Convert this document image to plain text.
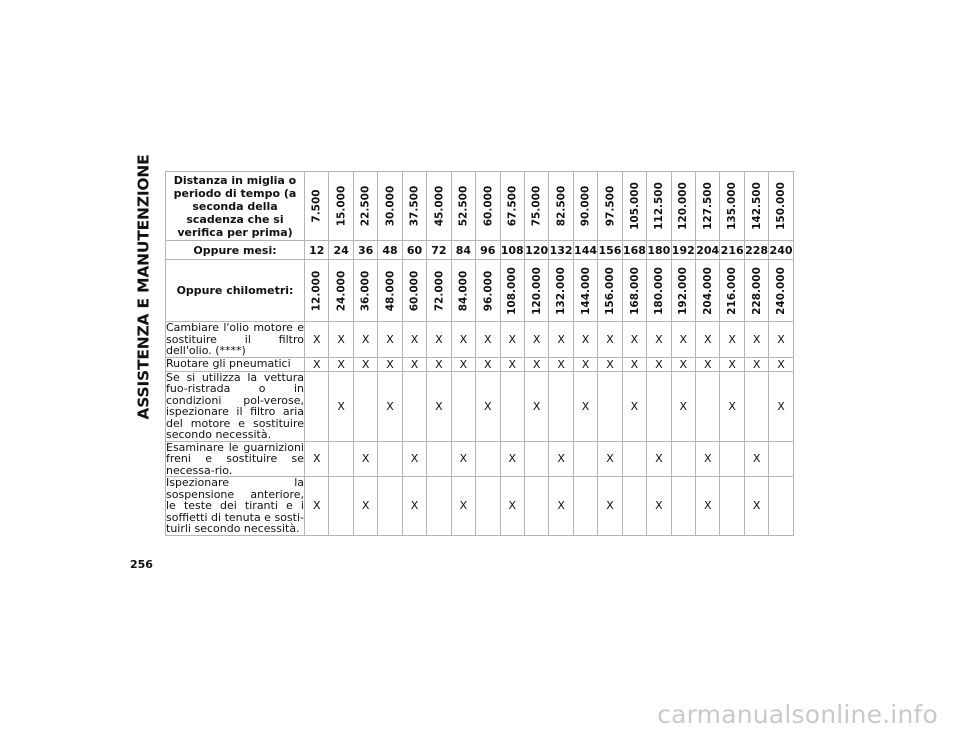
ASSISTENZA E MANUTENZIONE
256
Distanza in miglia o periodo di tempo (a seconda della scadenza che si verifica per prima)	7.500	15.000	22.500	30.000	37.500	45.000	52.500	60.000	67.500	75.000	82.500	90.000	97.500	105.000	112.500	120.000	127.500	135.000	142.500	150.000

Oppure mesi:	12	24	36	48	60	72	84	96	108	120	132	144	156	168	180	192	204	216	228	240
Oppure chilometri:	12.000	24.000	36.000	48.000	60.000	72.000	84.000	96.000	108.000	120.000	132.000	144.000	156.000	168.000	180.000	192.000	204.000	216.000	228.000	240.000

Cambiare l'olio motore e sostituire il filtro dell'olio. (****)	X	X	X	X	X	X	X	X	X	X	X	X	X	X	X	X	X	X	X	X
Ruotare gli pneumatici	X	X	X	X	X	X	X	X	X	X	X	X	X	X	X	X	X	X	X	X
Se si utilizza la vettura fuo-ristrada o in condizioni pol-verose, ispezionare il filtro aria del motore e sostituire secondo necessità.		X		X		X		X		X		X		X		X		X		X
Esaminare le guarnizioni freni e sostituire se necessa-rio.	X		X		X		X		X		X		X		X		X		X	
Ispezionare la sospensione anteriore, le teste dei tiranti e i soffietti di tenuta e sosti-tuirli secondo necessità.	X		X		X		X		X		X		X		X		X		X	
carmanualsonline.info
